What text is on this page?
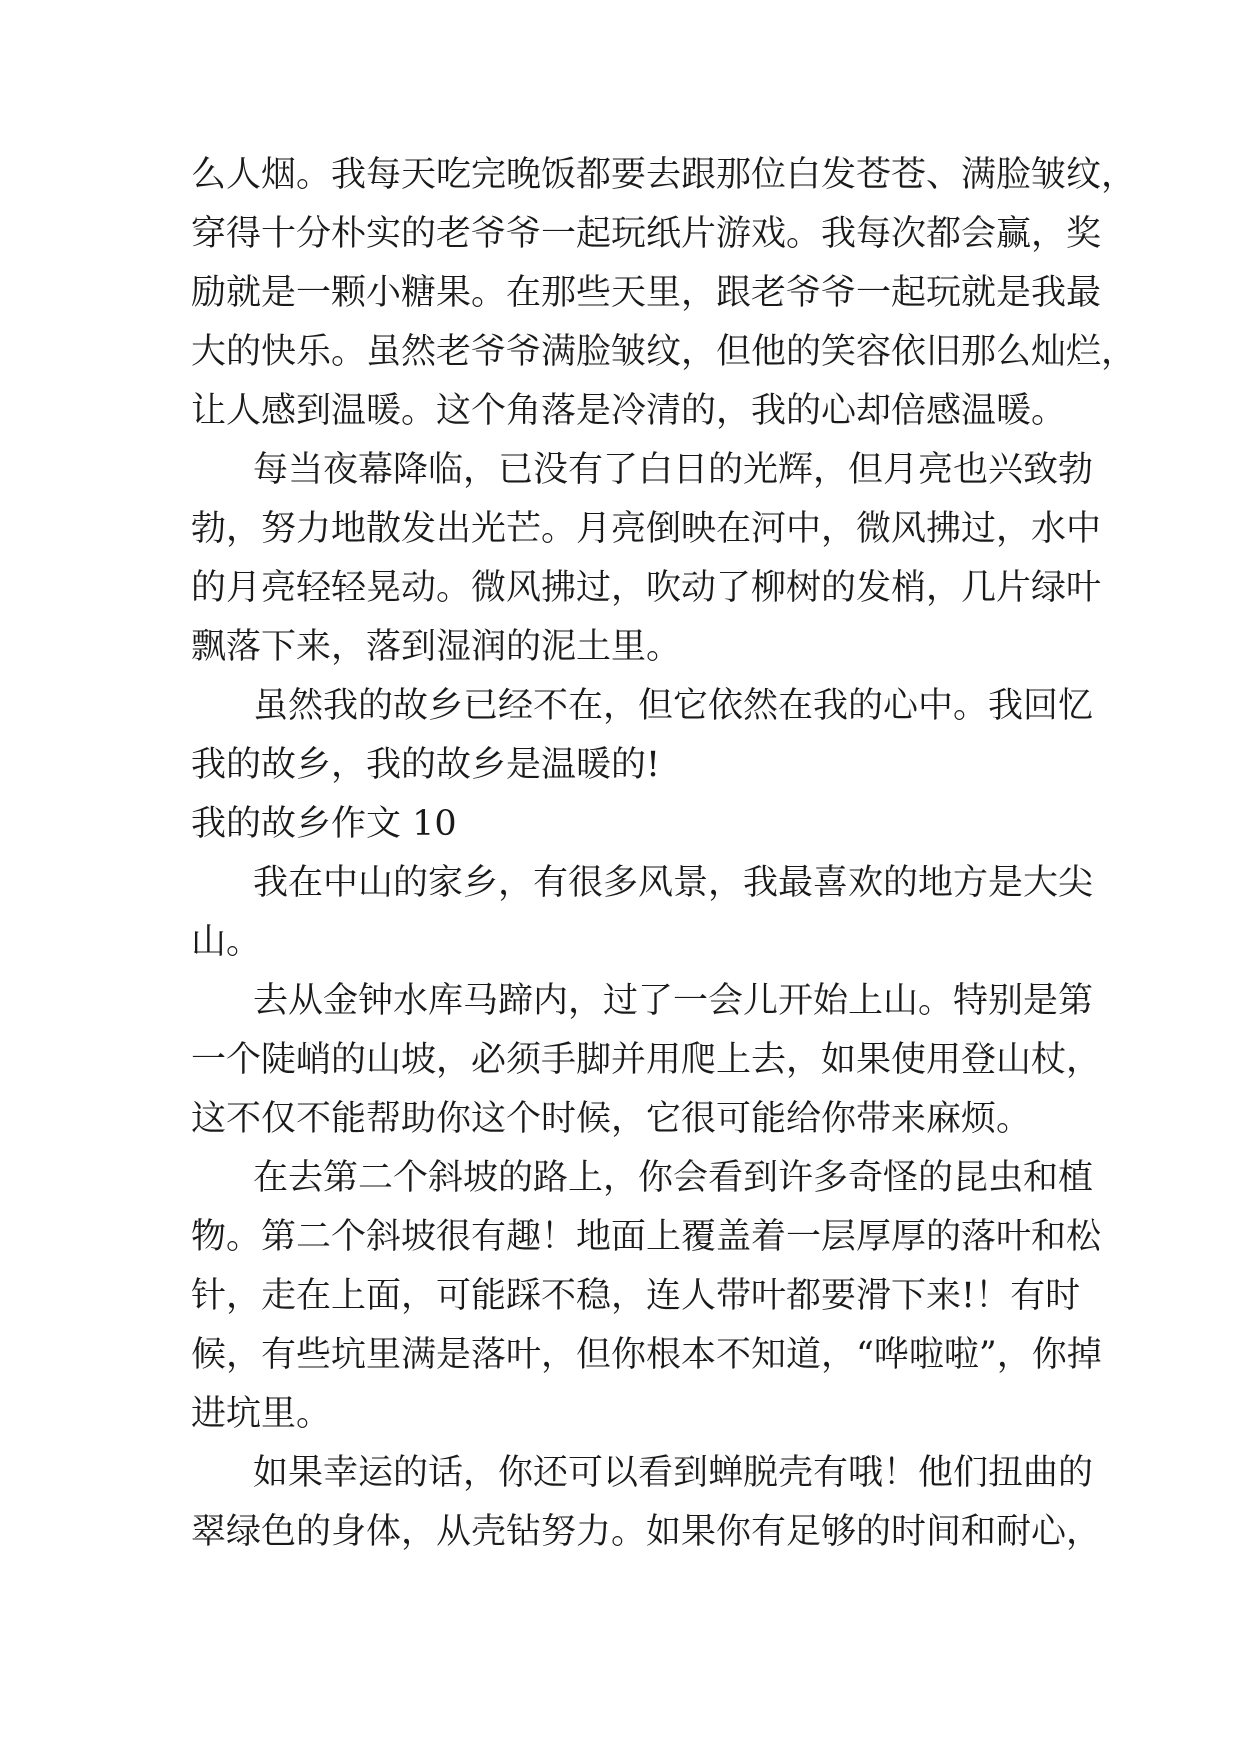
么人烟。我每天吃完晚饭都要去跟那位白发苍苍、满脸皱纹，

穿得十分朴实的老爷爷一起玩纸片游戏。我每次都会赢，奖

励就是一颗小糖果。在那些天里，跟老爷爷一起玩就是我最

大的快乐。虽然老爷爷满脸皱纹，但他的笑容依旧那么灿烂，

让人感到温暖。这个角落是冷清的，我的心却倍感温暖。

每当夜幕降临，已没有了白日的光辉，但月亮也兴致勃

勃，努力地散发出光芒。月亮倒映在河中，微风拂过，水中

的月亮轻轻晃动。微风拂过，吹动了柳树的发梢，几片绿叶

飘落下来，落到湿润的泥土里。

虽然我的故乡已经不在，但它依然在我的心中。我回忆

我的故乡，我的故乡是温暖的!

我的故乡作文 10

我在中山的家乡，有很多风景，我最喜欢的地方是大尖

山。

去从金钟水库马蹄内，过了一会儿开始上山。特别是第

一个陡峭的山坡，必须手脚并用爬上去，如果使用登山杖，

这不仅不能帮助你这个时候，它很可能给你带来麻烦。

在去第二个斜坡的路上，你会看到许多奇怪的昆虫和植

物。第二个斜坡很有趣！地面上覆盖着一层厚厚的落叶和松

针，走在上面，可能踩不稳，连人带叶都要滑下来!！有时

候，有些坑里满是落叶，但你根本不知道，“哗啦啦”，你掉

进坑里。

如果幸运的话，你还可以看到蝉脱壳有哦！他们扭曲的

翠绿色的身体，从壳钻努力。如果你有足够的时间和耐心，
